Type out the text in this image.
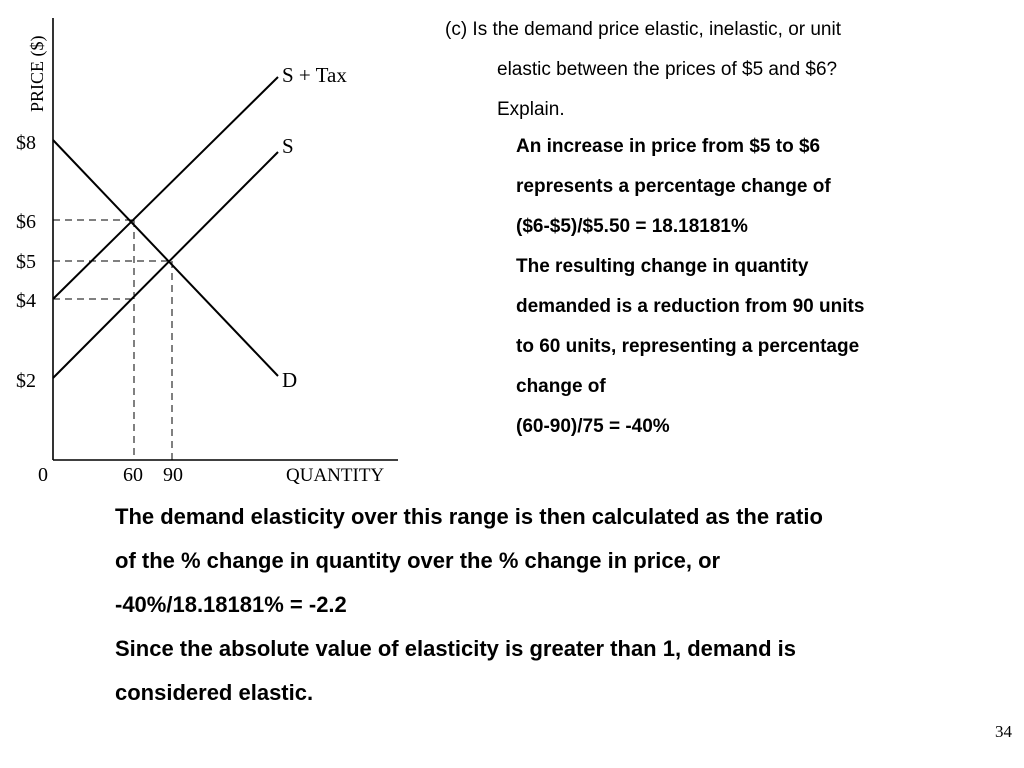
S + Tax
S
D
$8
$6
$5
$4
$2
0	60 90	QUANTITY
PRICE ($)
(c) Is the demand price elastic, inelastic, or unit
elastic between the prices of $5 and $6?
Explain.
An increase in price from $5 to $6
represents a percentage change of
($6-$5)/$5.50 = 18.18181%
The resulting change in quantity
demanded is a reduction from 90 units
to 60 units, representing a percentage
change of
(60-90)/75 = -40%
The demand elasticity over this range is then calculated as the ratio
of the % change in quantity over the % change in price, or
-40%/18.18181% = -2.2
Since the absolute value of elasticity is greater than 1, demand is
considered elastic.
34
